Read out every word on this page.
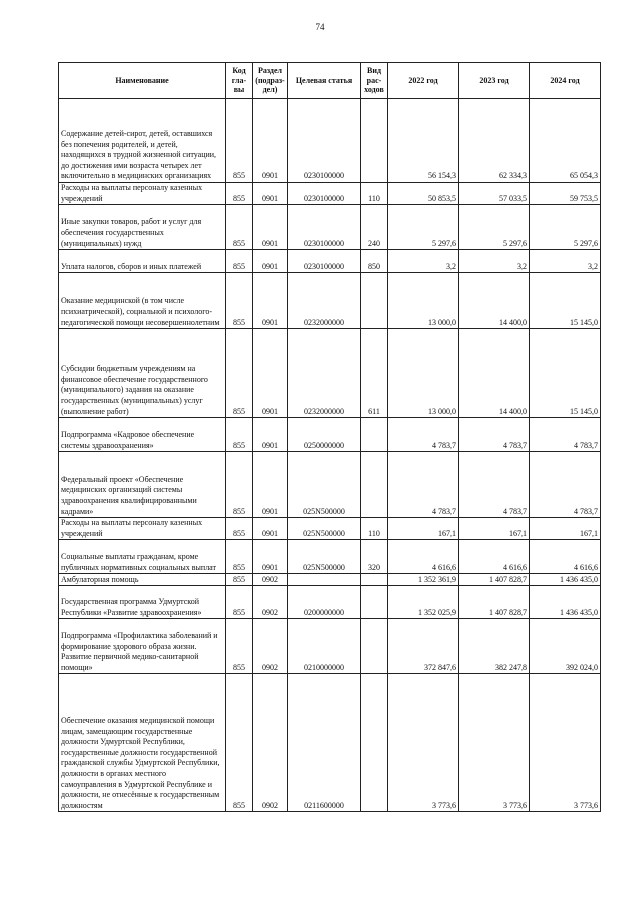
74
Наименование	Код гла- вы	Раздел (подраз- дел)	Целевая статья	Вид рас- ходов	2022 год	2023 год	2024 год
Содержание детей-сирот, детей, оставшихся без попечения родителей, и детей, находящихся в трудной жизненной ситуации, до достижения ими возраста четырех лет включительно в медицинских организациях	855	0901	0230100000		56 154,3	62 334,3	65 054,3
Расходы на выплаты персоналу казенных учреждений	855	0901	0230100000	110	50 853,5	57 033,5	59 753,5
Иные закупки товаров, работ и услуг для обеспечения государственных (муниципальных) нужд	855	0901	0230100000	240	5 297,6	5 297,6	5 297,6
Уплата налогов, сборов и иных платежей	855	0901	0230100000	850	3,2	3,2	3,2
Оказание медицинской (в том числе психиатрической), социальной и психолого-педагогической помощи несовершеннолетним	855	0901	0232000000		13 000,0	14 400,0	15 145,0
Субсидии бюджетным учреждениям на финансовое обеспечение государственного (муниципального) задания на оказание государственных (муниципальных) услуг (выполнение работ)	855	0901	0232000000	611	13 000,0	14 400,0	15 145,0
Подпрограмма «Кадровое обеспечение системы здравоохранения»	855	0901	0250000000		4 783,7	4 783,7	4 783,7
Федеральный проект «Обеспечение медицинских организаций системы здравоохранения квалифицированными кадрами»	855	0901	025N500000		4 783,7	4 783,7	4 783,7
Расходы на выплаты персоналу казенных учреждений	855	0901	025N500000	110	167,1	167,1	167,1
Социальные выплаты гражданам, кроме публичных нормативных социальных выплат	855	0901	025N500000	320	4 616,6	4 616,6	4 616,6
Амбулаторная помощь	855	0902			1 352 361,9	1 407 828,7	1 436 435,0
Государственная программа Удмуртской Республики «Развитие здравоохранения»	855	0902	0200000000		1 352 025,9	1 407 828,7	1 436 435,0
Подпрограмма «Профилактика заболеваний и формирование здорового образа жизни. Развитие первичной медико-санитарной помощи»	855	0902	0210000000		372 847,6	382 247,8	392 024,0
Обеспечение оказания медицинской помощи лицам, замещающим государственные должности Удмуртской Республики, государственные должности государственной гражданской службы Удмуртской Республики, должности в органах местного самоуправления в Удмуртской Республике и должности, не отнесённые к государственным должностям	855	0902	0211600000		3 773,6	3 773,6	3 773,6
